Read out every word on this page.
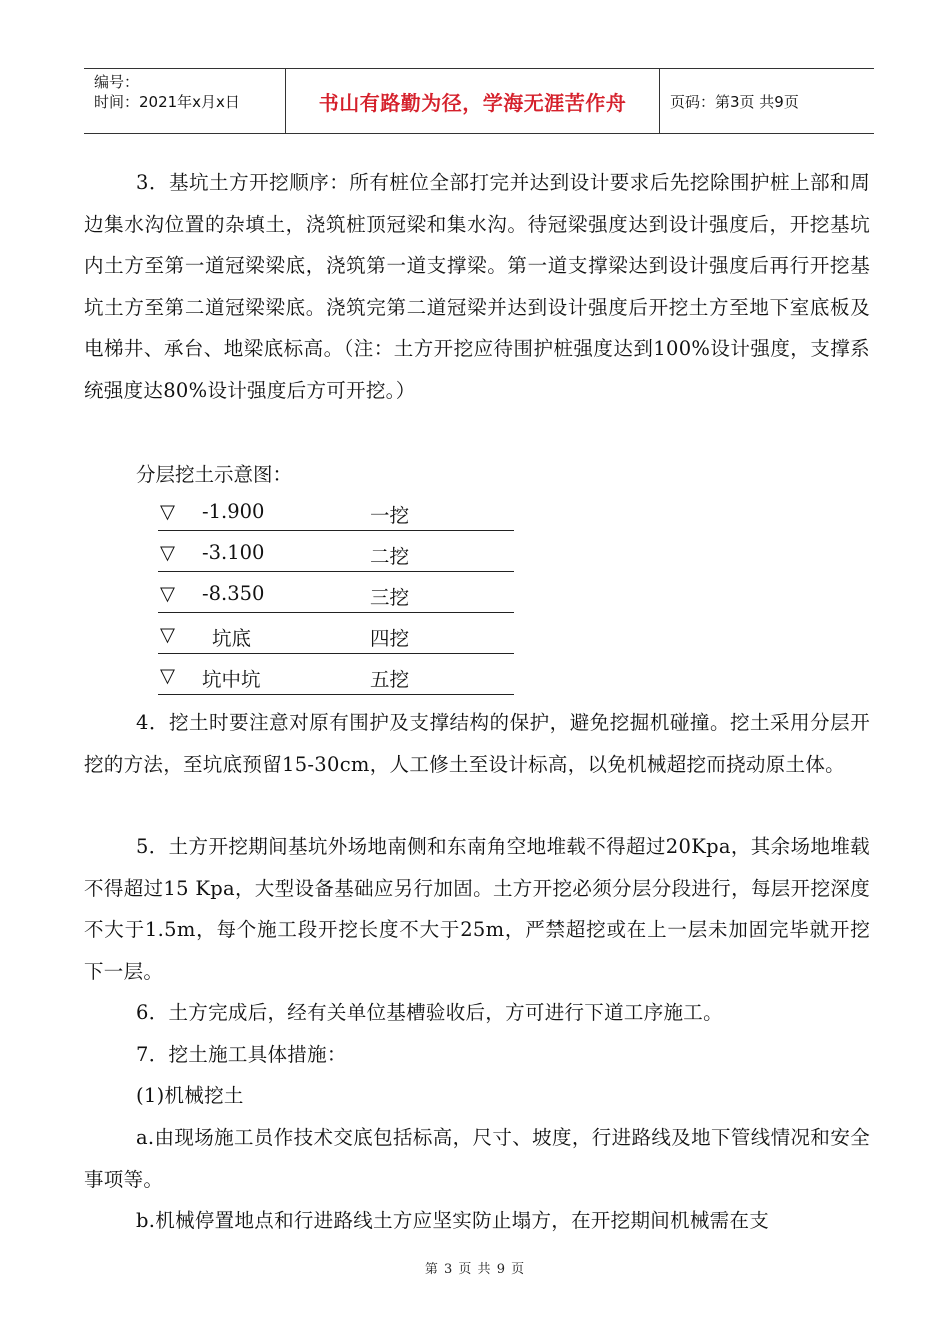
编号：
时间：2021年x月x日	书山有路勤为径，学海无涯苦作舟	页码：第3页 共9页

3．基坑土方开挖顺序：所有桩位全部打完并达到设计要求后先挖除围护桩上部和周边集水沟位置的杂填土，浇筑桩顶冠梁和集水沟。待冠梁强度达到设计强度后，开挖基坑内土方至第一道冠梁梁底，浇筑第一道支撑梁。第一道支撑梁达到设计强度后再行开挖基坑土方至第二道冠梁梁底。浇筑完第二道冠梁并达到设计强度后开挖土方至地下室底板及电梯井、承台、地梁底标高。（注：土方开挖应待围护桩强度达到100%设计强度，支撑系统强度达80%设计强度后方可开挖。）

分层挖土示意图：

▽ -1.900	一挖
▽ -3.100	二挖
▽ -8.350	三挖
▽ 坑底	四挖
▽ 坑中坑	五挖

4．挖土时要注意对原有围护及支撑结构的保护，避免挖掘机碰撞。挖土采用分层开挖的方法，至坑底预留15-30cm，人工修土至设计标高，以免机械超挖而挠动原土体。

5．土方开挖期间基坑外场地南侧和东南角空地堆载不得超过20Kpa，其余场地堆载不得超过15 Kpa，大型设备基础应另行加固。土方开挖必须分层分段进行，每层开挖深度不大于1.5m，每个施工段开挖长度不大于25m，严禁超挖或在上一层未加固完毕就开挖下一层。

6．土方完成后，经有关单位基槽验收后，方可进行下道工序施工。

7．挖土施工具体措施：

(1)机械挖土

a.由现场施工员作技术交底包括标高，尺寸、坡度，行进路线及地下管线情况和安全事项等。

b.机械停置地点和行进路线土方应坚实防止塌方，在开挖期间机械需在支

第 3 页 共 9 页
